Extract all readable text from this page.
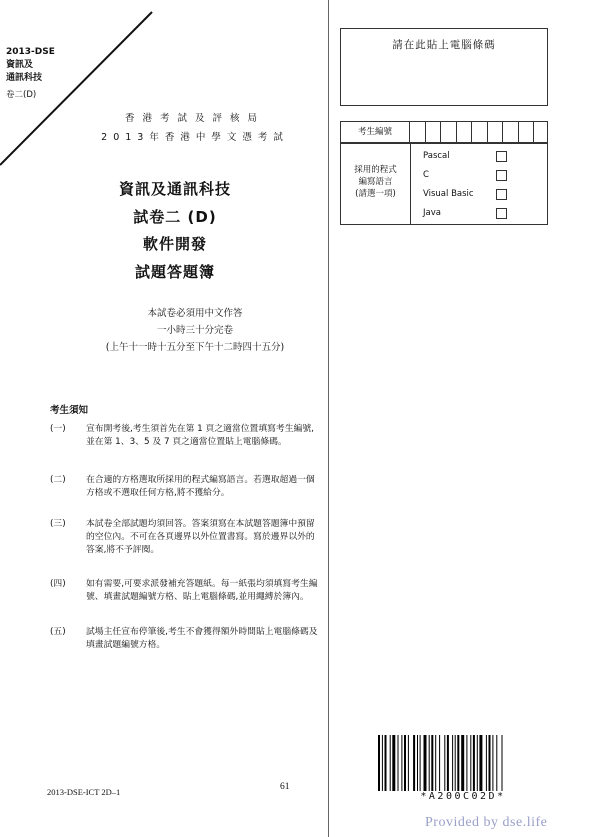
2013-DSE
資訊及
通訊科技
卷二(D)
香港考試及評核局
2013年香港中學文憑考試
資訊及通訊科技
試卷二 (D)
軟件開發
試題答題簿
本試卷必須用中文作答
一小時三十分完卷
(上午十一時十五分至下午十二時四十五分)
考生須知
(一)	宣布開考後,考生須首先在第 1 頁之適當位置填寫考生編號,並在第 1、3、5 及 7 頁之適當位置貼上電腦條碼。
(二)	在合適的方格選取所採用的程式編寫語言。若選取超過一個方格或不選取任何方格,將不獲給分。
(三)	本試卷全部試題均須回答。答案須寫在本試題答題簿中預留的空位內。不可在各頁邊界以外位置書寫。寫於邊界以外的答案,將不予評閱。
(四)	如有需要,可要求派發補充答題紙。每一紙張均須填寫考生編號、填畫試題編號方格、貼上電腦條碼,並用繩縛於簿內。
(五)	試場主任宣布停筆後,考生不會獲得額外時間貼上電腦條碼及填畫試題編號方格。
請在此貼上電腦條碼
考生編號
採用的程式
編寫語言
(請選一項)
Pascal
C
Visual Basic
Java
*A200C02D*
2013-DSE-ICT 2D–1	61
Provided by dse.life
